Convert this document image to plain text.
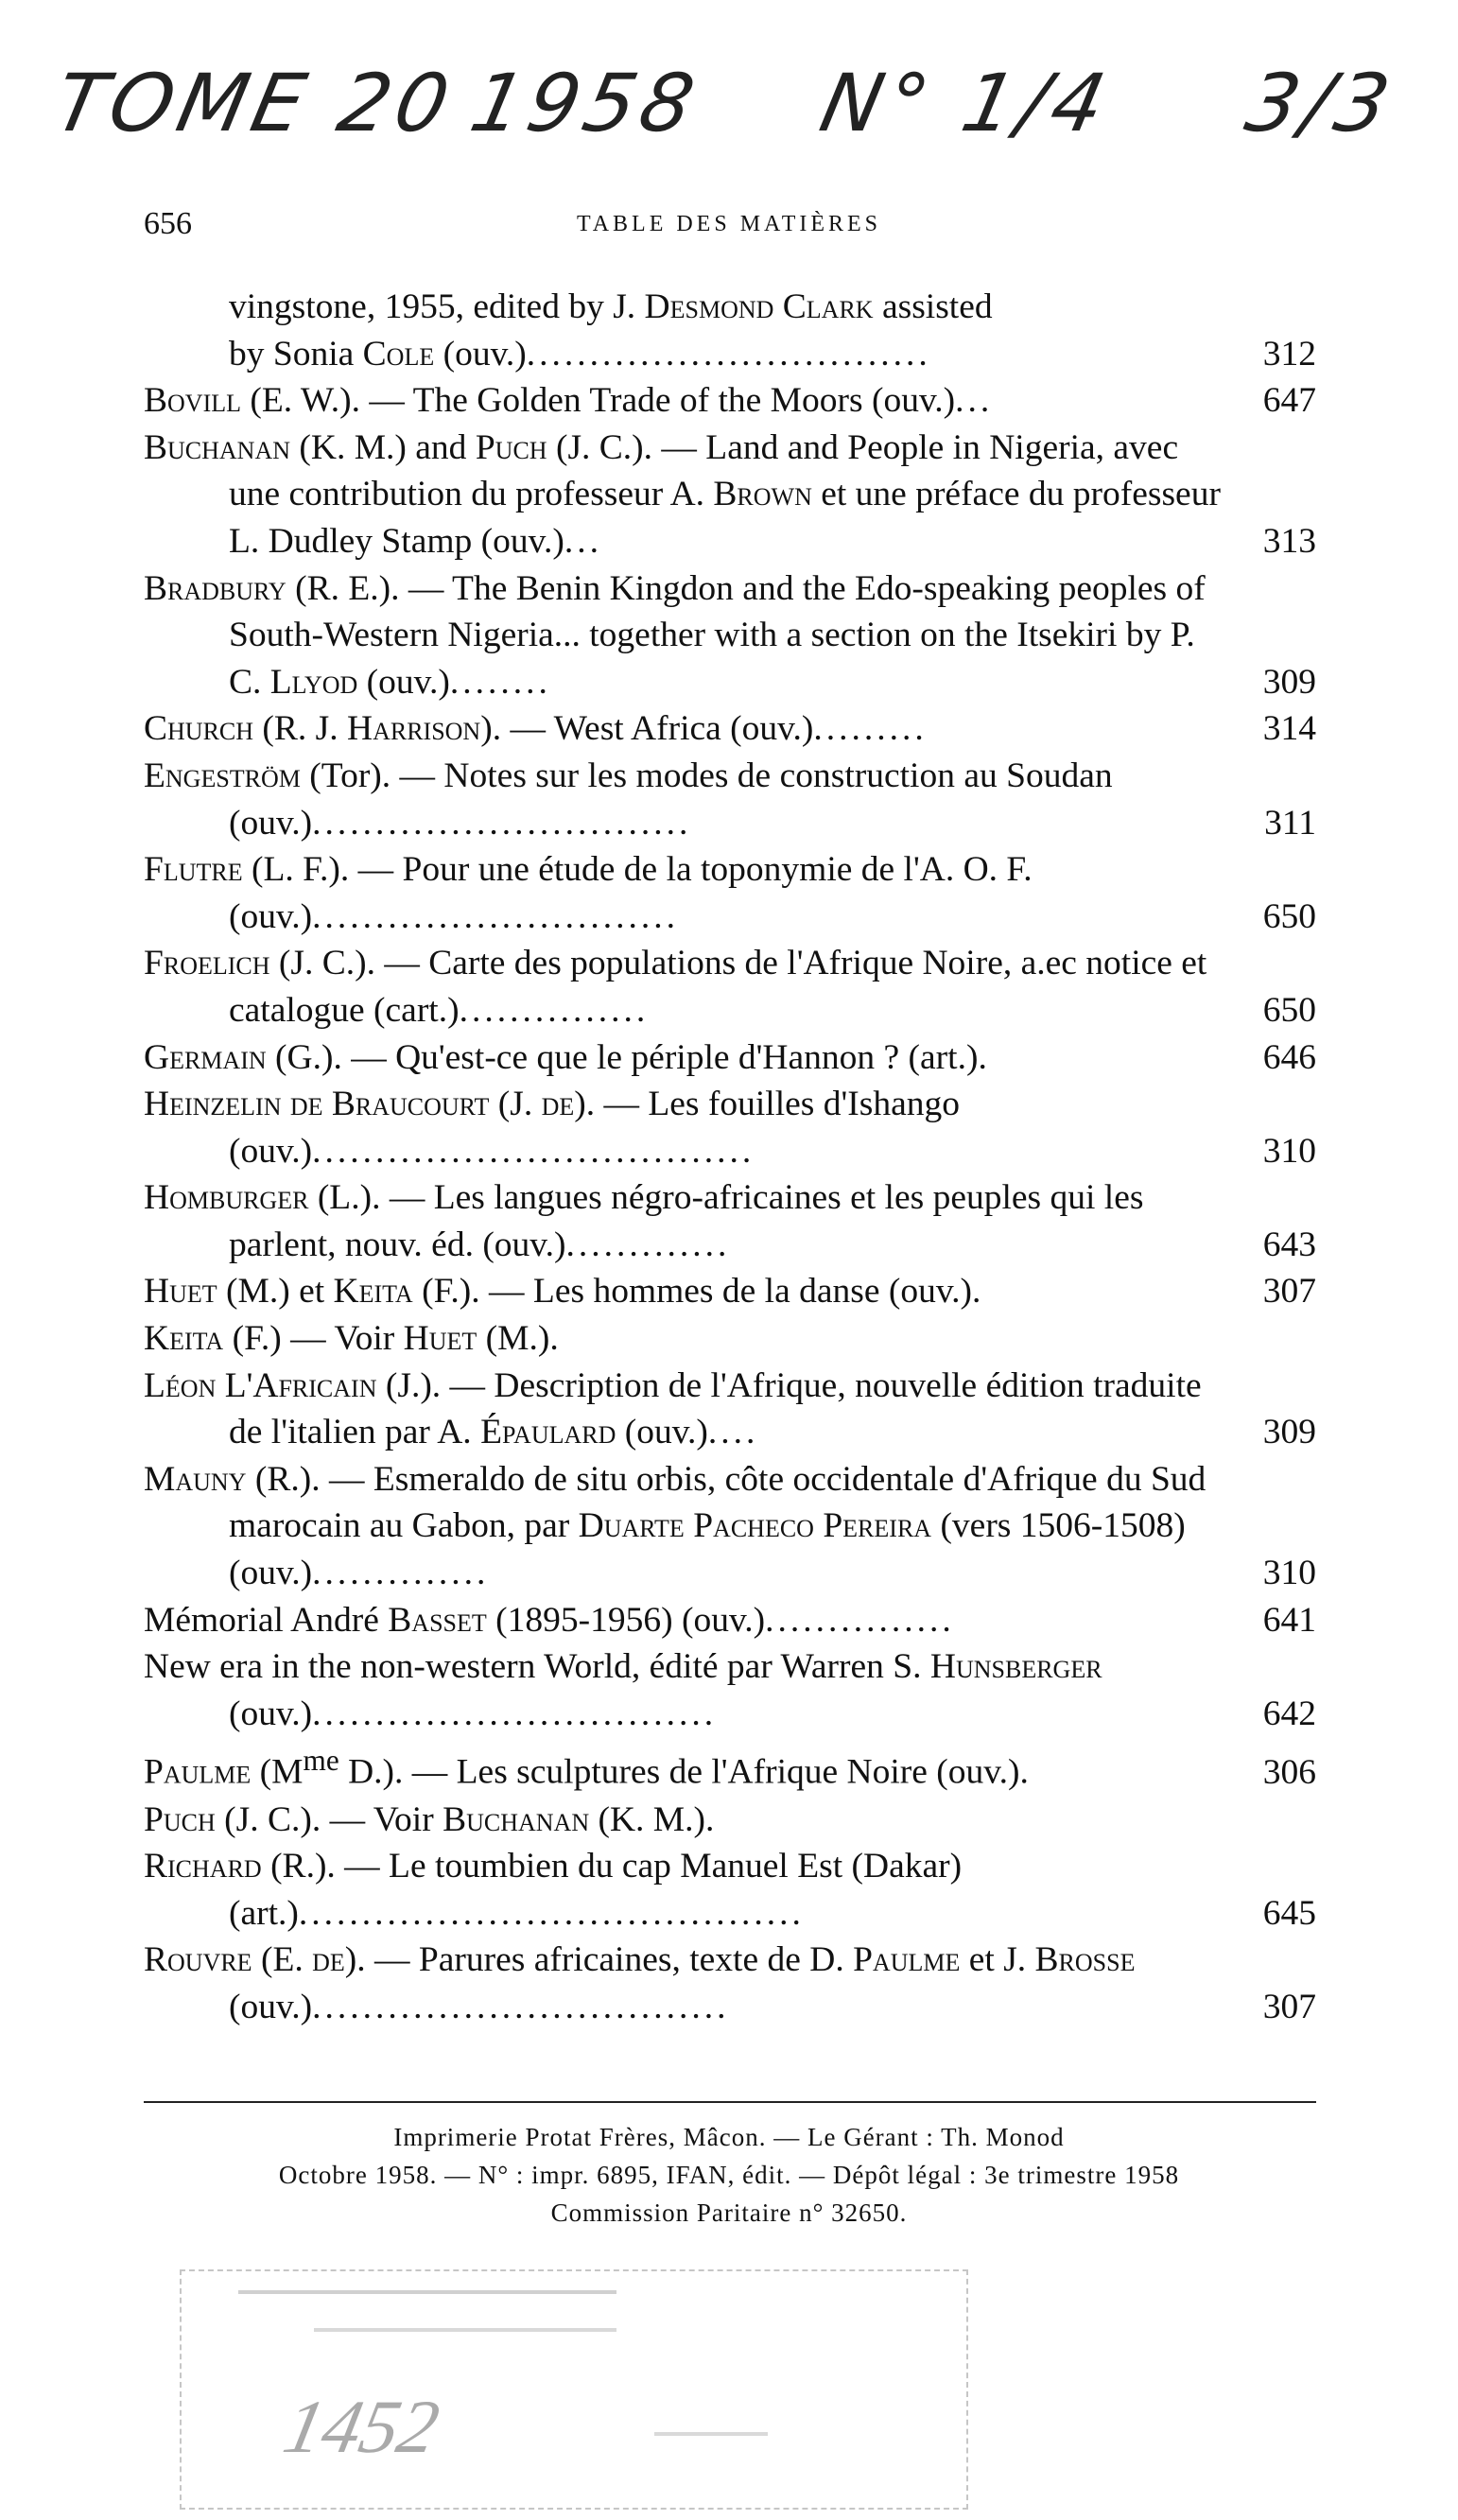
TOME 20 1958 N° 1/4 3/3
656	TABLE DES MATIÈRES
vingstone, 1955, edited by J. Desmond Clark assisted
by Sonia Cole (ouv.)................................	312
Bovill (E. W.). — The Golden Trade of the Moors (ouv.)...	647
Buchanan (K. M.) and Puch (J. C.). — Land and People in Nigeria, avec une contribution du professeur A. Brown et une préface du professeur L. Dudley Stamp (ouv.)...	313
Bradbury (R. E.). — The Benin Kingdon and the Edo-speaking peoples of South-Western Nigeria... together with a section on the Itsekiri by P. C. Llyod (ouv.)........	309
Church (R. J. Harrison). — West Africa (ouv.).........	314
Engeström (Tor). — Notes sur les modes de construction au Soudan (ouv.)..............................	311
Flutre (L. F.). — Pour une étude de la toponymie de l'A. O. F. (ouv.).............................	650
Froelich (J. C.). — Carte des populations de l'Afrique Noire, a.ec notice et catalogue (cart.)...............	650
Germain (G.). — Qu'est-ce que le périple d'Hannon ? (art.).	646
Heinzelin de Braucourt (J. de). — Les fouilles d'Ishango (ouv.)...................................	310
Homburger (L.). — Les langues négro-africaines et les peuples qui les parlent, nouv. éd. (ouv.).............	643
Huet (M.) et Keita (F.). — Les hommes de la danse (ouv.).	307
Keita (F.) — Voir Huet (M.).
Léon L'Africain (J.). — Description de l'Afrique, nouvelle édition traduite de l'italien par A. Épaulard (ouv.)....	309
Mauny (R.). — Esmeraldo de situ orbis, côte occidentale d'Afrique du Sud marocain au Gabon, par Duarte Pacheco Pereira (vers 1506-1508) (ouv.)..............	310
Mémorial André Basset (1895-1956) (ouv.)...............	641
New era in the non-western World, édité par Warren S. Hunsberger (ouv.)................................	642
Paulme ($M^{me}$ D.). — Les sculptures de l'Afrique Noire (ouv.).	306
Puch (J. C.). — Voir Buchanan (K. M.).
Richard (R.). — Le toumbien du cap Manuel Est (Dakar) (art.)........................................	645
Rouvre (E. de). — Parures africaines, texte de D. Paulme et J. Brosse (ouv.).................................	307
Imprimerie Protat Frères, Mâcon. — Le Gérant : Th. Monod
Octobre 1958. — N° : impr. 6895, IFAN, édit. — Dépôt légal : 3e trimestre 1958
Commission Paritaire n° 32650.
1452
